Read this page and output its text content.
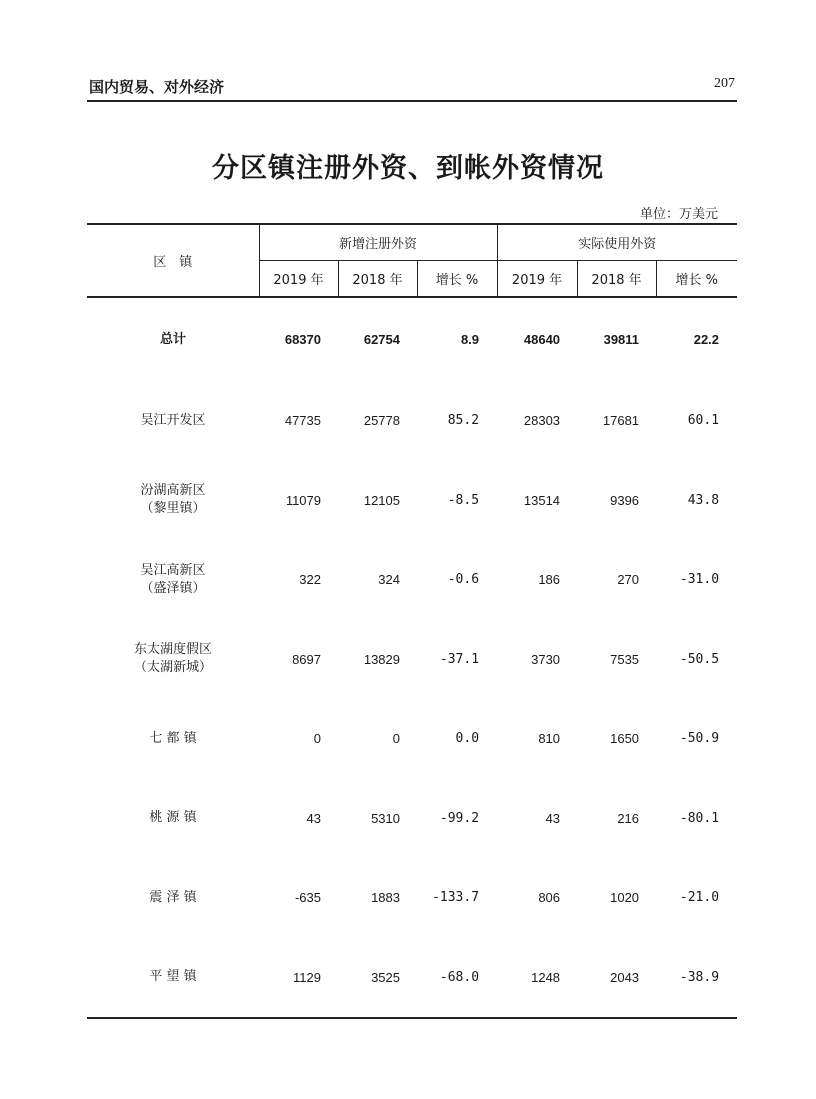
国内贸易、对外经济	207
分区镇注册外资、到帐外资情况
单位：万美元
区　镇	新增注册外资			实际使用外资		
	2019 年	2018 年	增长 %	2019 年	2018 年	增长 %
总计	68370	62754	8.9	48640	39811	22.2
吴江开发区	47735	25778	85.2	28303	17681	60.1

汾湖高新区
（黎里镇）	11079	12105	-8.5	13514	9396	43.8

吴江高新区
（盛泽镇）	322	324	-0.6	186	270	-31.0

东太湖度假区
（太湖新城）	8697	13829	-37.1	3730	7535	-50.5
七 都 镇	0	0	0.0	810	1650	-50.9
桃 源 镇	43	5310	-99.2	43	216	-80.1
震 泽 镇	-635	1883	-133.7	806	1020	-21.0
平 望 镇	1129	3525	-68.0	1248	2043	-38.9
